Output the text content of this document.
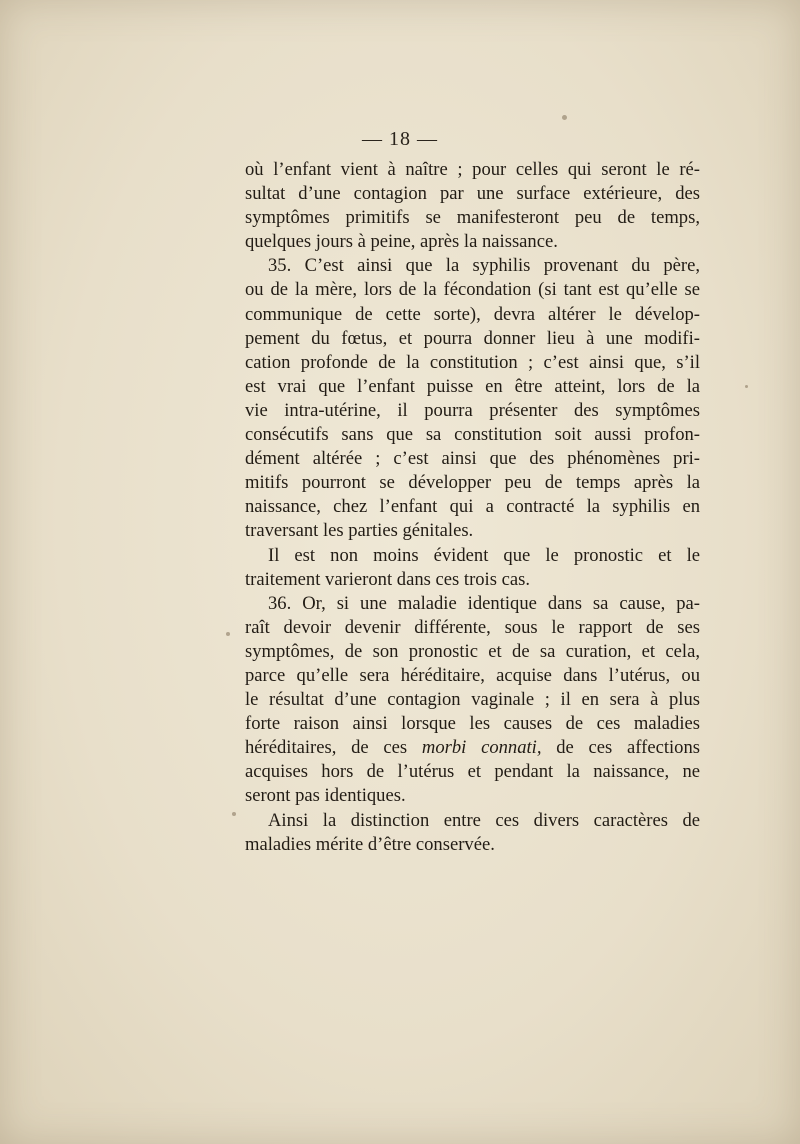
— 18 —
où l’enfant vient à naître ; pour celles qui seront le ré-
sultat d’une contagion par une surface extérieure, des
symptômes primitifs se manifesteront peu de temps,
quelques jours à peine, après la naissance.
35. C’est ainsi que la syphilis provenant du père,
ou de la mère, lors de la fécondation (si tant est qu’elle se
communique de cette sorte), devra altérer le dévelop-
pement du fœtus, et pourra donner lieu à une modifi-
cation profonde de la constitution ; c’est ainsi que, s’il
est vrai que l’enfant puisse en être atteint, lors de la
vie intra-utérine, il pourra présenter des symptômes
consécutifs sans que sa constitution soit aussi profon-
dément altérée ; c’est ainsi que des phénomènes pri-
mitifs pourront se développer peu de temps après la
naissance, chez l’enfant qui a contracté la syphilis en
traversant les parties génitales.
Il est non moins évident que le pronostic et le
traitement varieront dans ces trois cas.
36. Or, si une maladie identique dans sa cause, pa-
raît devoir devenir différente, sous le rapport de ses
symptômes, de son pronostic et de sa curation, et cela,
parce qu’elle sera héréditaire, acquise dans l’utérus, ou
le résultat d’une contagion vaginale ; il en sera à plus
forte raison ainsi lorsque les causes de ces maladies
héréditaires, de ces morbi connati, de ces affections
acquises hors de l’utérus et pendant la naissance, ne
seront pas identiques.
Ainsi la distinction entre ces divers caractères de
maladies mérite d’être conservée.
